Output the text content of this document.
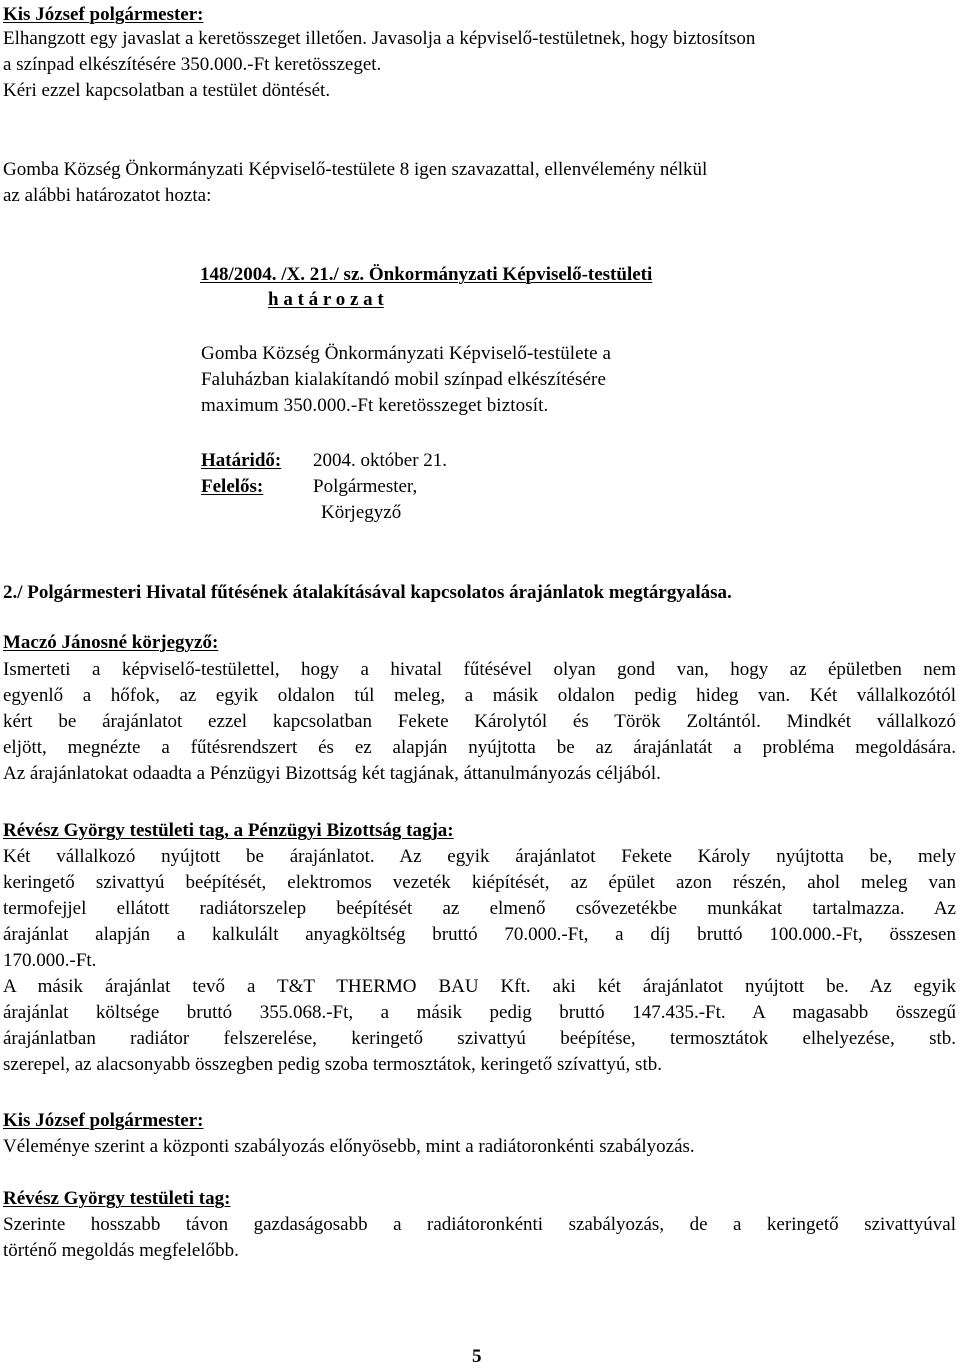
Kis József polgármester:
Elhangzott egy javaslat a keretösszeget illetően. Javasolja a képviselő-testületnek, hogy biztosítson
a színpad elkészítésére 350.000.-Ft keretösszeget.
Kéri ezzel kapcsolatban a testület döntését.
Gomba Község Önkormányzati Képviselő-testülete 8 igen szavazattal, ellenvélemény nélkül
az alábbi határozatot hozta:
148/2004. /X. 21./ sz. Önkormányzati Képviselő-testületi
h a t á r o z a t
Gomba Község Önkormányzati Képviselő-testülete a
Faluházban kialakítandó mobil színpad elkészítésére
maximum 350.000.-Ft keretösszeget biztosít.
Határidő: 2004. október 21.
Felelős:	Polgármester,
Körjegyző
2./ Polgármesteri Hivatal fűtésének átalakításával kapcsolatos árajánlatok megtárgyalása.
Maczó Jánosné körjegyző:
Ismerteti a képviselő-testülettel, hogy a hivatal fűtésével olyan gond van, hogy az épületben nem
egyenlő a hőfok, az egyik oldalon túl meleg, a másik oldalon pedig hideg van. Két vállalkozótól
kért be árajánlatot ezzel kapcsolatban Fekete Károlytól és Török Zoltántól. Mindkét vállalkozó
eljött, megnézte a fűtésrendszert és ez alapján nyújtotta be az árajánlatát a probléma megoldására.
Az árajánlatokat odaadta a Pénzügyi Bizottság két tagjának, áttanulmányozás céljából.
Révész György testületi tag, a Pénzügyi Bizottság tagja:
Két vállalkozó nyújtott be árajánlatot. Az egyik árajánlatot Fekete Károly nyújtotta be, mely
keringető szivattyú beépítését, elektromos vezeték kiépítését, az épület azon részén, ahol meleg van
termofejjel ellátott radiátorszelep beépítését az elmenő csővezetékbe munkákat tartalmazza. Az
árajánlat alapján a kalkulált anyagköltség bruttó 70.000.-Ft, a díj bruttó 100.000.-Ft, összesen
170.000.-Ft.
A másik árajánlat tevő a T&T THERMO BAU Kft. aki két árajánlatot nyújtott be. Az egyik
árajánlat költsége bruttó 355.068.-Ft, a másik pedig bruttó 147.435.-Ft. A magasabb összegű
árajánlatban radiátor felszerelése, keringető szivattyú beépítése, termosztátok elhelyezése, stb.
szerepel, az alacsonyabb összegben pedig szoba termosztátok, keringető szívattyú, stb.
Kis József polgármester:
Véleménye szerint a központi szabályozás előnyösebb, mint a radiátoronkénti szabályozás.
Révész György testületi tag:
Szerinte hosszabb távon gazdaságosabb a radiátoronkénti szabályozás, de a keringető szivattyúval
történő megoldás megfelelőbb.
5
